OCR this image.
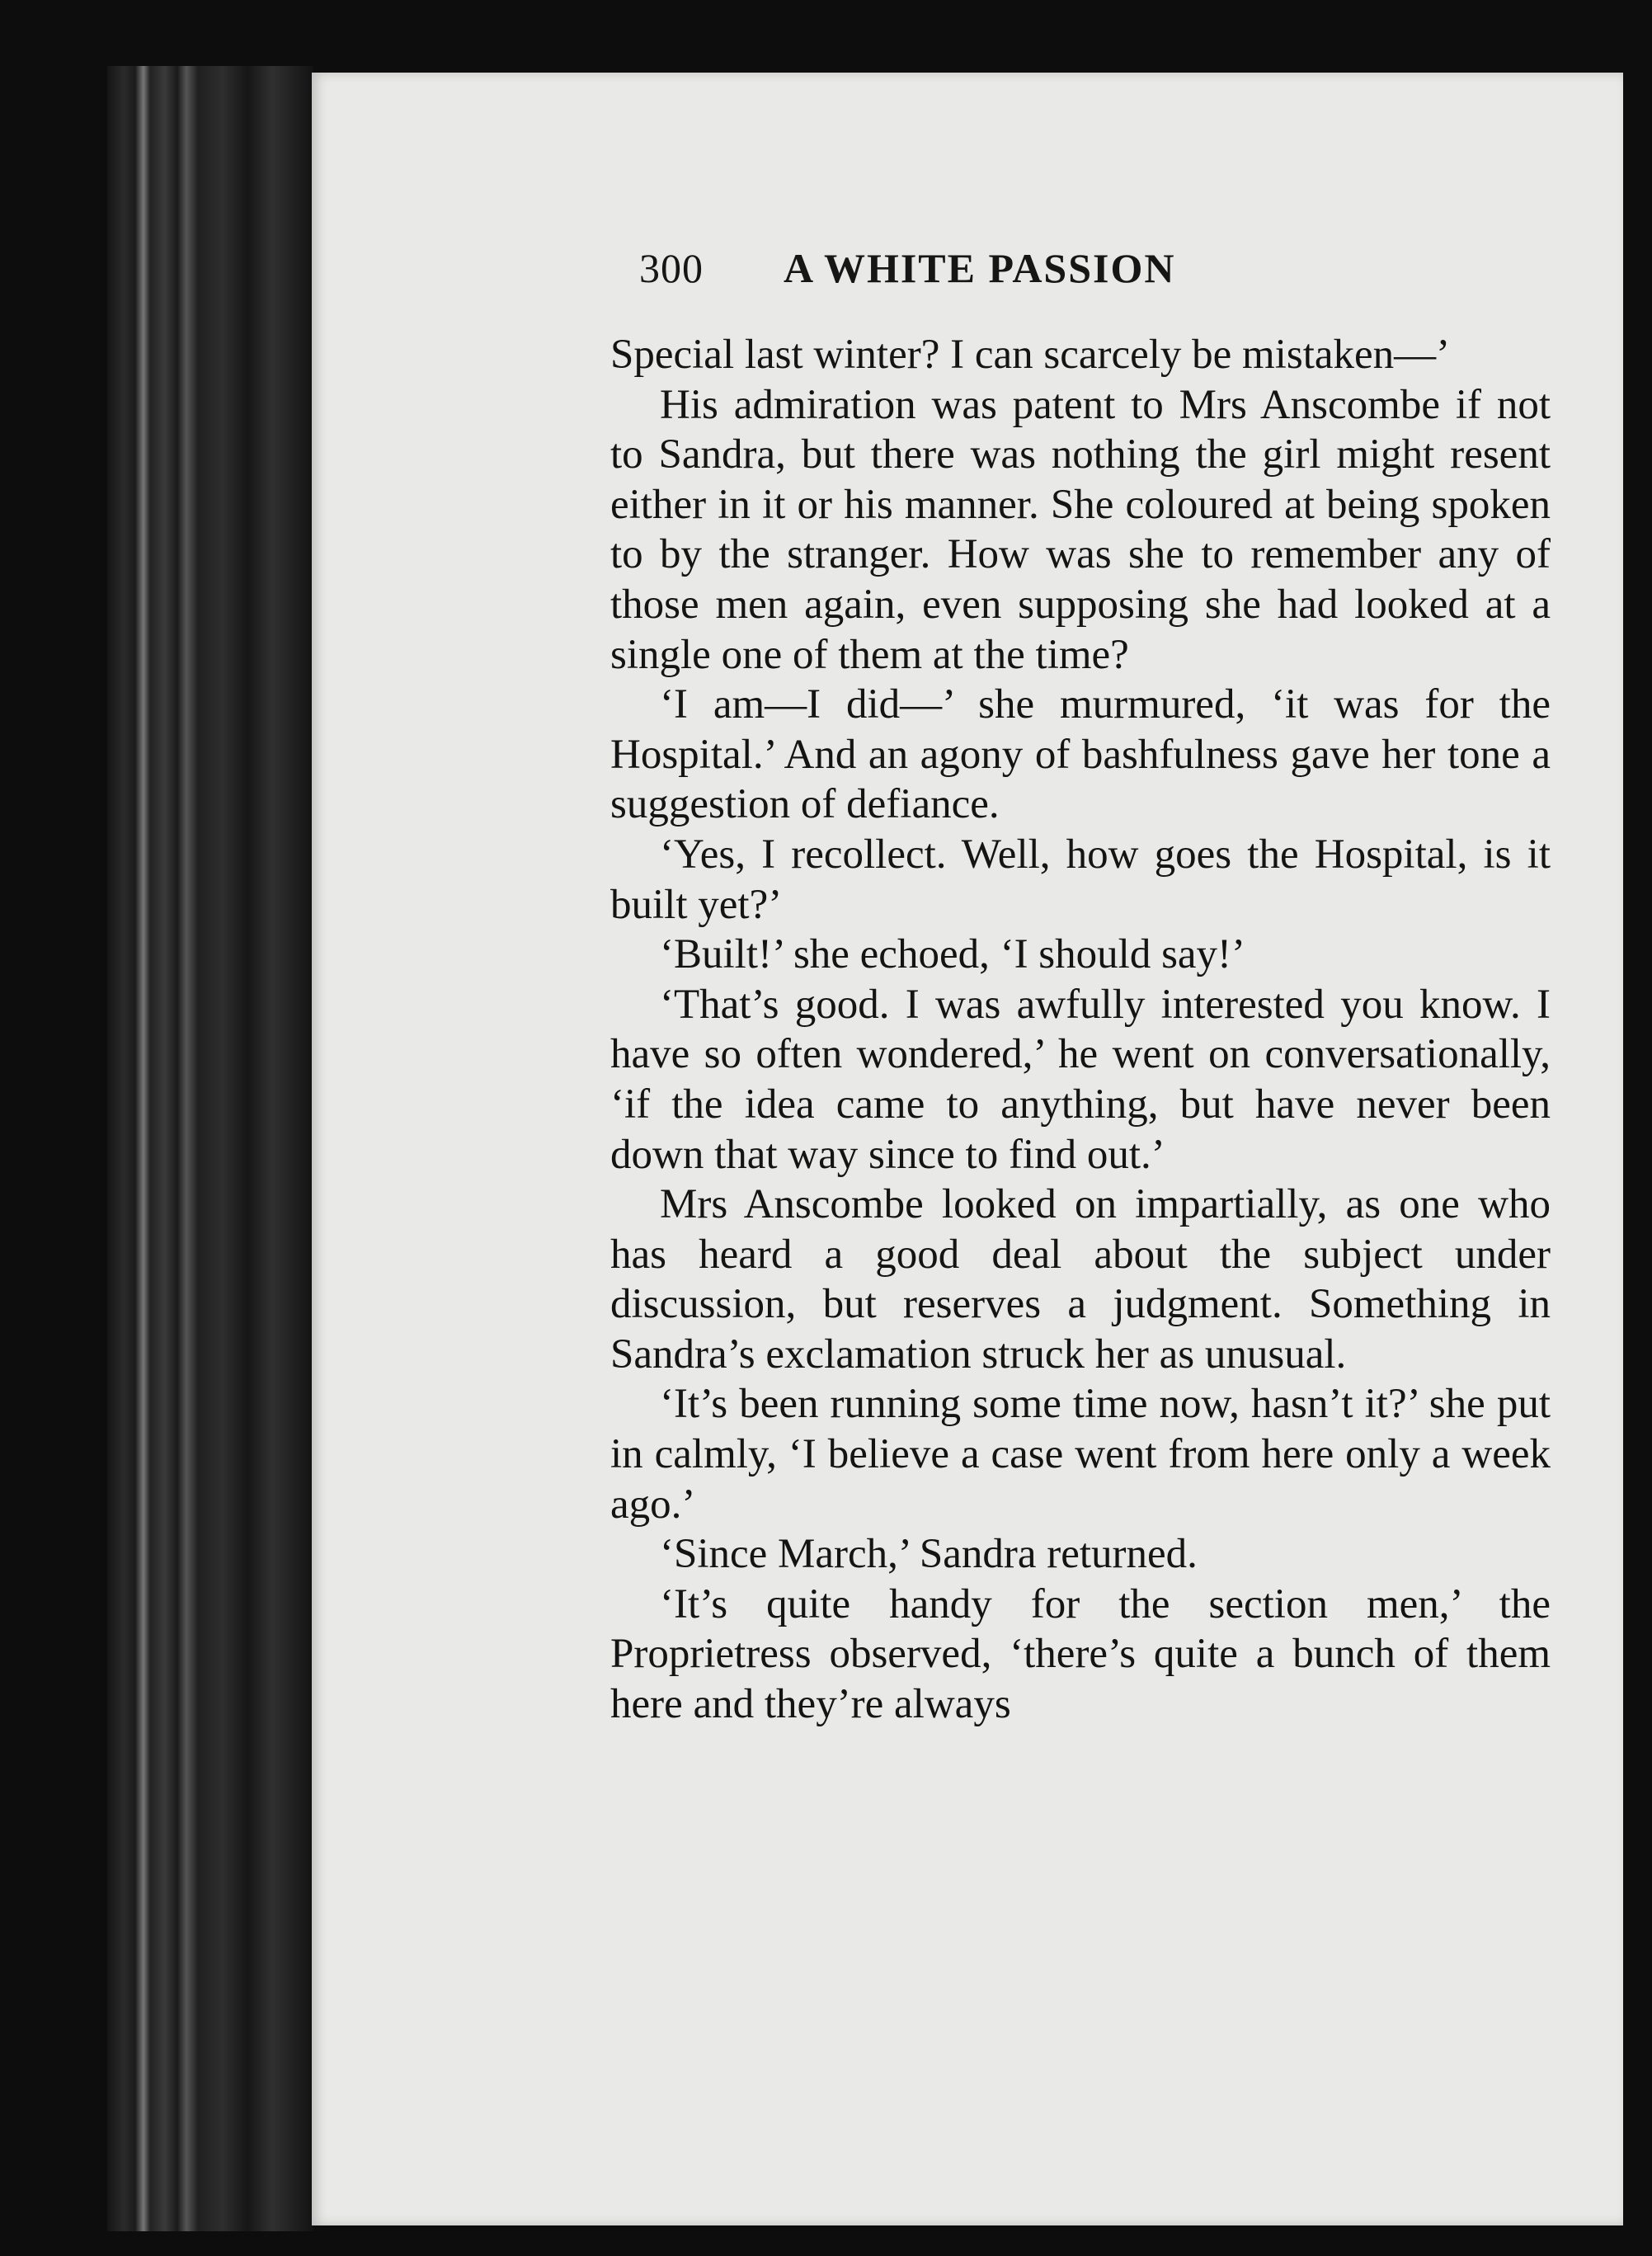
300 A WHITE PASSION

Special last winter? I can scarcely be mistaken—’

His admiration was patent to Mrs Anscombe if not to Sandra, but there was nothing the girl might resent either in it or his manner. She coloured at being spoken to by the stranger. How was she to remember any of those men again, even supposing she had looked at a single one of them at the time?

‘I am—I did—’ she murmured, ‘it was for the Hospital.’ And an agony of bashfulness gave her tone a suggestion of defiance.

‘Yes, I recollect. Well, how goes the Hospital, is it built yet?’

‘Built!’ she echoed, ‘I should say!’

‘That’s good. I was awfully interested you know. I have so often wondered,’ he went on conversationally, ‘if the idea came to anything, but have never been down that way since to find out.’

Mrs Anscombe looked on impartially, as one who has heard a good deal about the subject under discussion, but reserves a judgment. Something in Sandra’s exclamation struck her as unusual.

‘It’s been running some time now, hasn’t it?’ she put in calmly, ‘I believe a case went from here only a week ago.’

‘Since March,’ Sandra returned.

‘It’s quite handy for the section men,’ the Proprietress observed, ‘there’s quite a bunch of them here and they’re always
